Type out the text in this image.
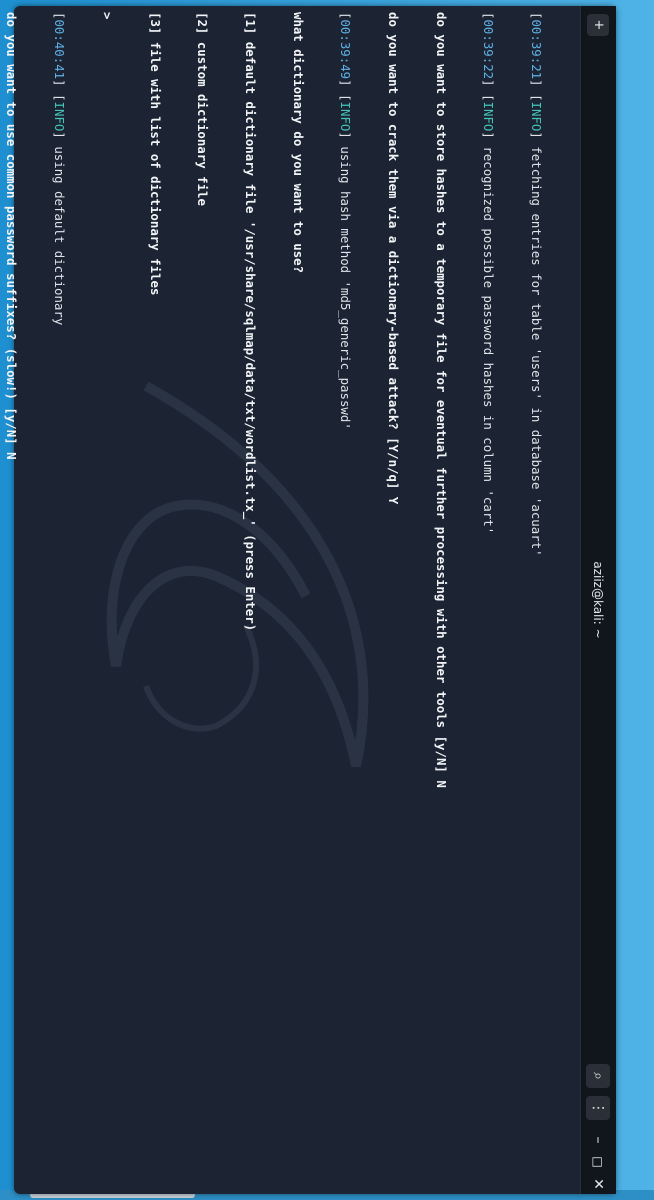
aziiz@kali: ~
+
⌕
⋮
–
□
✕

[00:39:21] [INFO] fetching entries for table 'users' in database 'acuart'

[00:39:22] [INFO] recognized possible password hashes in column 'cart'

do you want to store hashes to a temporary file for eventual further processing with other tools [y/N] N

do you want to crack them via a dictionary-based attack? [Y/n/q] Y

[00:39:49] [INFO] using hash method 'md5_generic_passwd'

what dictionary do you want to use?

[1] default dictionary file '/usr/share/sqlmap/data/txt/wordlist.tx_' (press Enter)

[2] custom dictionary file

[3] file with list of dictionary files

>

[00:40:41] [INFO] using default dictionary

do you want to use common password suffixes? (slow!) [y/N] N
